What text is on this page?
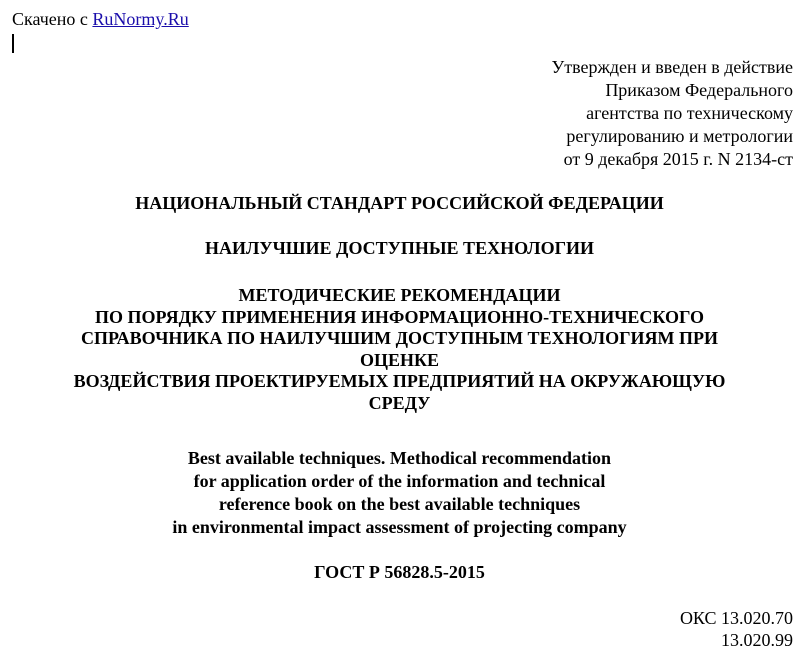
Скачено с RuNormy.Ru
Утвержден и введен в действие
Приказом Федерального
агентства по техническому
регулированию и метрологии
от 9 декабря 2015 г. N 2134-ст
НАЦИОНАЛЬНЫЙ СТАНДАРТ РОССИЙСКОЙ ФЕДЕРАЦИИ
НАИЛУЧШИЕ ДОСТУПНЫЕ ТЕХНОЛОГИИ
МЕТОДИЧЕСКИЕ РЕКОМЕНДАЦИИ
ПО ПОРЯДКУ ПРИМЕНЕНИЯ ИНФОРМАЦИОННО-ТЕХНИЧЕСКОГО
СПРАВОЧНИКА ПО НАИЛУЧШИМ ДОСТУПНЫМ ТЕХНОЛОГИЯМ ПРИ
ОЦЕНКЕ
ВОЗДЕЙСТВИЯ ПРОЕКТИРУЕМЫХ ПРЕДПРИЯТИЙ НА ОКРУЖАЮЩУЮ
СРЕДУ
Best available techniques. Methodical recommendation
for application order of the information and technical
reference book on the best available techniques
in environmental impact assessment of projecting company
ГОСТ Р 56828.5-2015
ОКС 13.020.70
13.020.99
